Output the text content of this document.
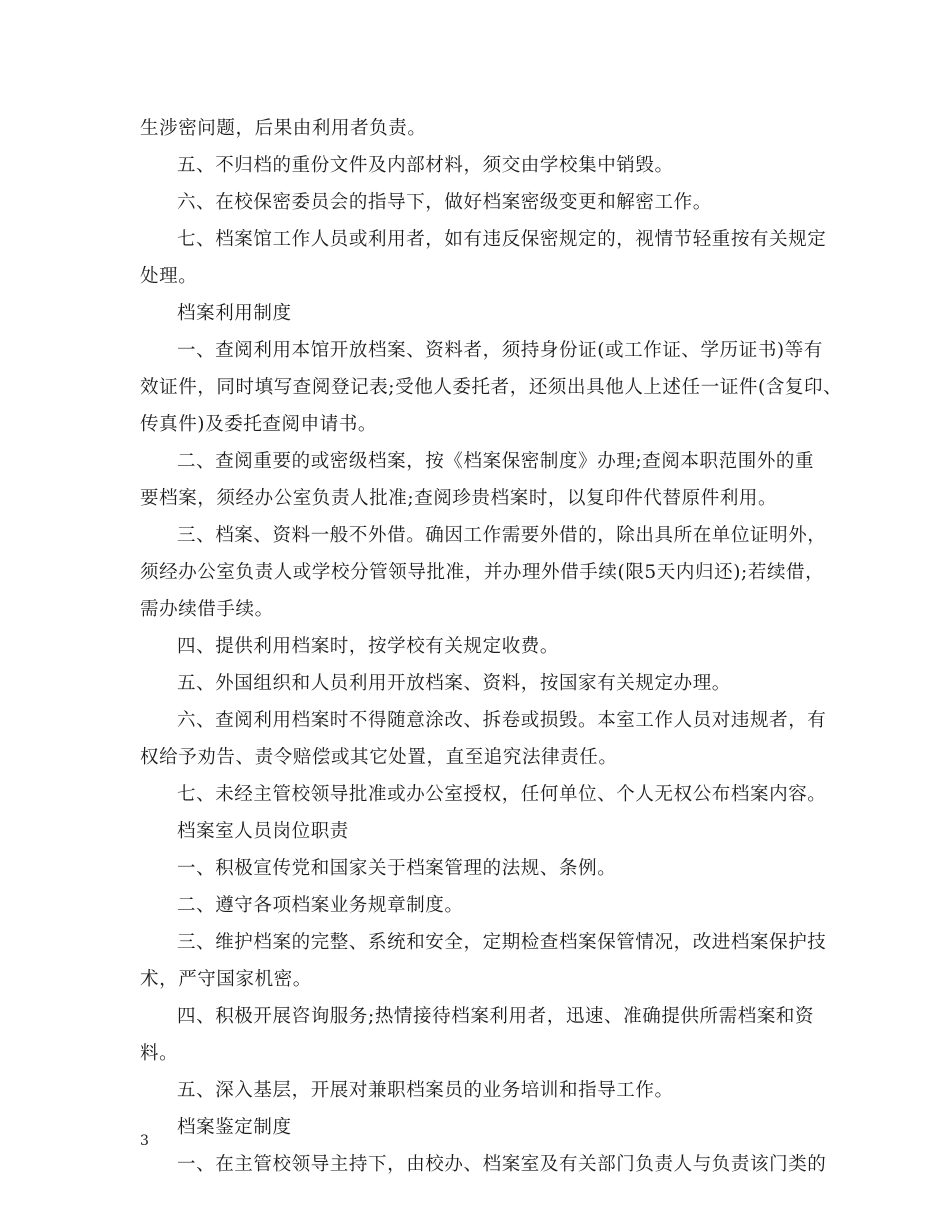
生涉密问题，后果由利用者负责。
五、不归档的重份文件及内部材料，须交由学校集中销毁。
六、在校保密委员会的指导下，做好档案密级变更和解密工作。
七、档案馆工作人员或利用者，如有违反保密规定的，视情节轻重按有关规定
处理。
档案利用制度
一、查阅利用本馆开放档案、资料者，须持身份证(或工作证、学历证书)等有
效证件，同时填写查阅登记表;受他人委托者，还须出具他人上述任一证件(含复印、
传真件)及委托查阅申请书。
二、查阅重要的或密级档案，按《档案保密制度》办理;查阅本职范围外的重
要档案，须经办公室负责人批准;查阅珍贵档案时，以复印件代替原件利用。
三、档案、资料一般不外借。确因工作需要外借的，除出具所在单位证明外，
须经办公室负责人或学校分管领导批准，并办理外借手续(限5天内归还);若续借，
需办续借手续。
四、提供利用档案时，按学校有关规定收费。
五、外国组织和人员利用开放档案、资料，按国家有关规定办理。
六、查阅利用档案时不得随意涂改、拆卷或损毁。本室工作人员对违规者，有
权给予劝告、责令赔偿或其它处置，直至追究法律责任。
七、未经主管校领导批准或办公室授权，任何单位、个人无权公布档案内容。
档案室人员岗位职责
一、积极宣传党和国家关于档案管理的法规、条例。
二、遵守各项档案业务规章制度。
三、维护档案的完整、系统和安全，定期检查档案保管情况，改进档案保护技
术，严守国家机密。
四、积极开展咨询服务;热情接待档案利用者，迅速、准确提供所需档案和资
料。
五、深入基层，开展对兼职档案员的业务培训和指导工作。
档案鉴定制度
一、在主管校领导主持下，由校办、档案室及有关部门负责人与负责该门类的
3
